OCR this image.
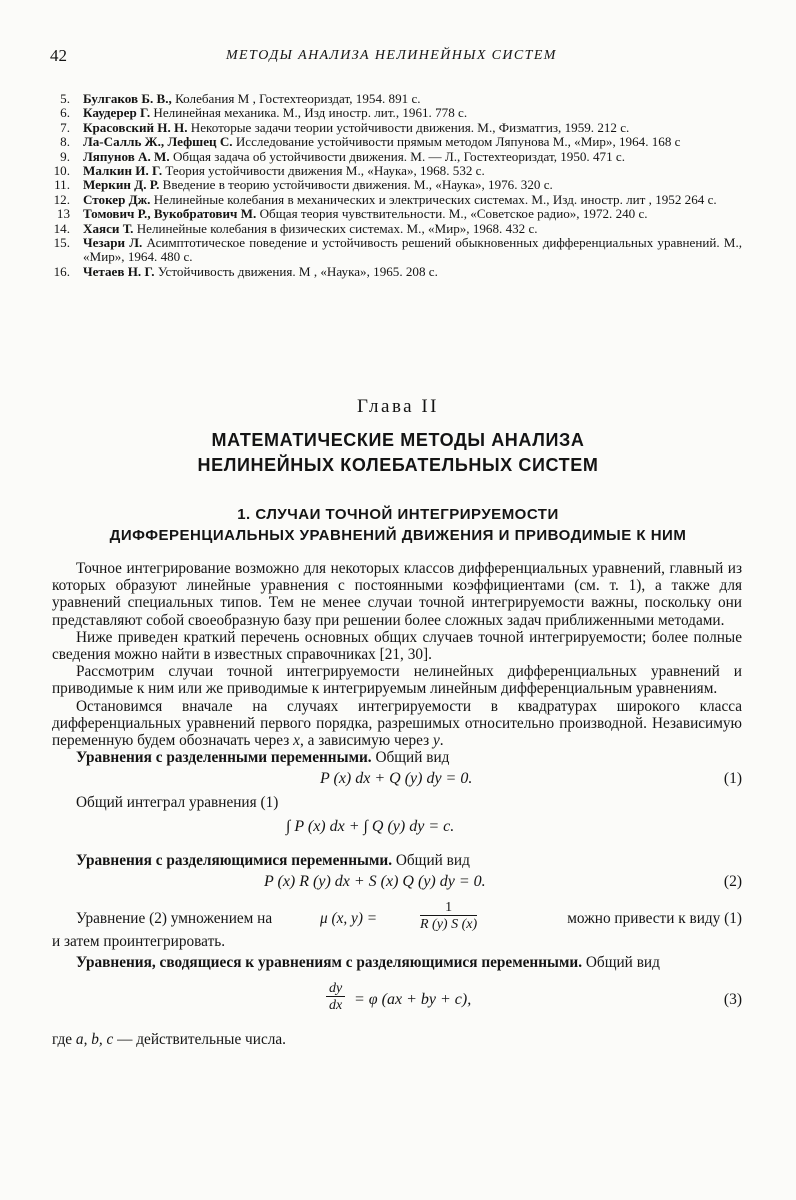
42	МЕТОДЫ АНАЛИЗА НЕЛИНЕЙНЫХ СИСТЕМ
5. Булгаков Б. В., Колебания М , Гостехтеориздат, 1954. 891 с.
6. Каудерер Г. Нелинейная механика. М., Изд иностр. лит., 1961. 778 с.
7. Красовский Н. Н. Некоторые задачи теории устойчивости движения. М., Физматгиз, 1959. 212 с.
8. Ла-Салль Ж., Лефшец С. Исследование устойчивости прямым методом Ляпунова М., «Мир», 1964. 168 с
9. Ляпунов А. М. Общая задача об устойчивости движения. М. — Л., Гостехтеориздат, 1950. 471 с.
10. Малкин И. Г. Теория устойчивости движения М., «Наука», 1968. 532 с.
11. Меркин Д. Р. Введение в теорию устойчивости движения. М., «Наука», 1976. 320 с.
12. Стокер Дж. Нелинейные колебания в механических и электрических системах. М., Изд. иностр. лит , 1952 264 с.
13 Томович Р., Вукобратович М. Общая теория чувствительности. М., «Советское радио», 1972. 240 с.
14. Хаяси Т. Нелинейные колебания в физических системах. М., «Мир», 1968. 432 с.
15. Чезари Л. Асимптотическое поведение и устойчивость решений обыкновенных дифференциальных уравнений. М., «Мир», 1964. 480 с.
16. Четаев Н. Г. Устойчивость движения. М , «Наука», 1965. 208 с.
Глава II
МАТЕМАТИЧЕСКИЕ МЕТОДЫ АНАЛИЗА
НЕЛИНЕЙНЫХ КОЛЕБАТЕЛЬНЫХ СИСТЕМ
1. СЛУЧАИ ТОЧНОЙ ИНТЕГРИРУЕМОСТИ
ДИФФЕРЕНЦИАЛЬНЫХ УРАВНЕНИЙ ДВИЖЕНИЯ И ПРИВОДИМЫЕ К НИМ

Точное интегрирование возможно для некоторых классов дифференциальных уравнений, главный из которых образуют линейные уравнения с постоянными коэффициентами (см. т. 1), а также для уравнений специальных типов. Тем не менее случаи точной интегрируемости важны, поскольку они представляют собой своеобразную базу при решении более сложных задач приближенными методами.

Ниже приведен краткий перечень основных общих случаев точной интегрируемости; более полные сведения можно найти в известных справочниках [21, 30].

Рассмотрим случаи точной интегрируемости нелинейных дифференциальных уравнений и приводимые к ним или же приводимые к интегрируемым линейным дифференциальным уравнениям.

Остановимся вначале на случаях интегрируемости в квадратурах широкого класса дифференциальных уравнений первого порядка, разрешимых относительно производной. Независимую переменную будем обозначать через x, а зависимую через y.

Уравнения с разделенными переменными. Общий вид

P (x) dx + Q (y) dy = 0.	(1)

Общий интеграл уравнения (1)

∫ P (x) dx + ∫ Q (y) dy = c.

Уравнения с разделяющимися переменными. Общий вид

P (x) R (y) dx + S (x) Q (y) dy = 0.	(2)
Уравнение (2) умножением на	μ (x, y) =	$\frac{1}{R (y) S (x)}$	можно привести к виду (1)

и затем проинтегрировать.

Уравнения, сводящиеся к уравнениям с разделяющимися переменными. Общий вид

$\frac{dy}{dx} = \varphi$ (ax + by + c),	(3)

где a, b, c — действительные числа.
